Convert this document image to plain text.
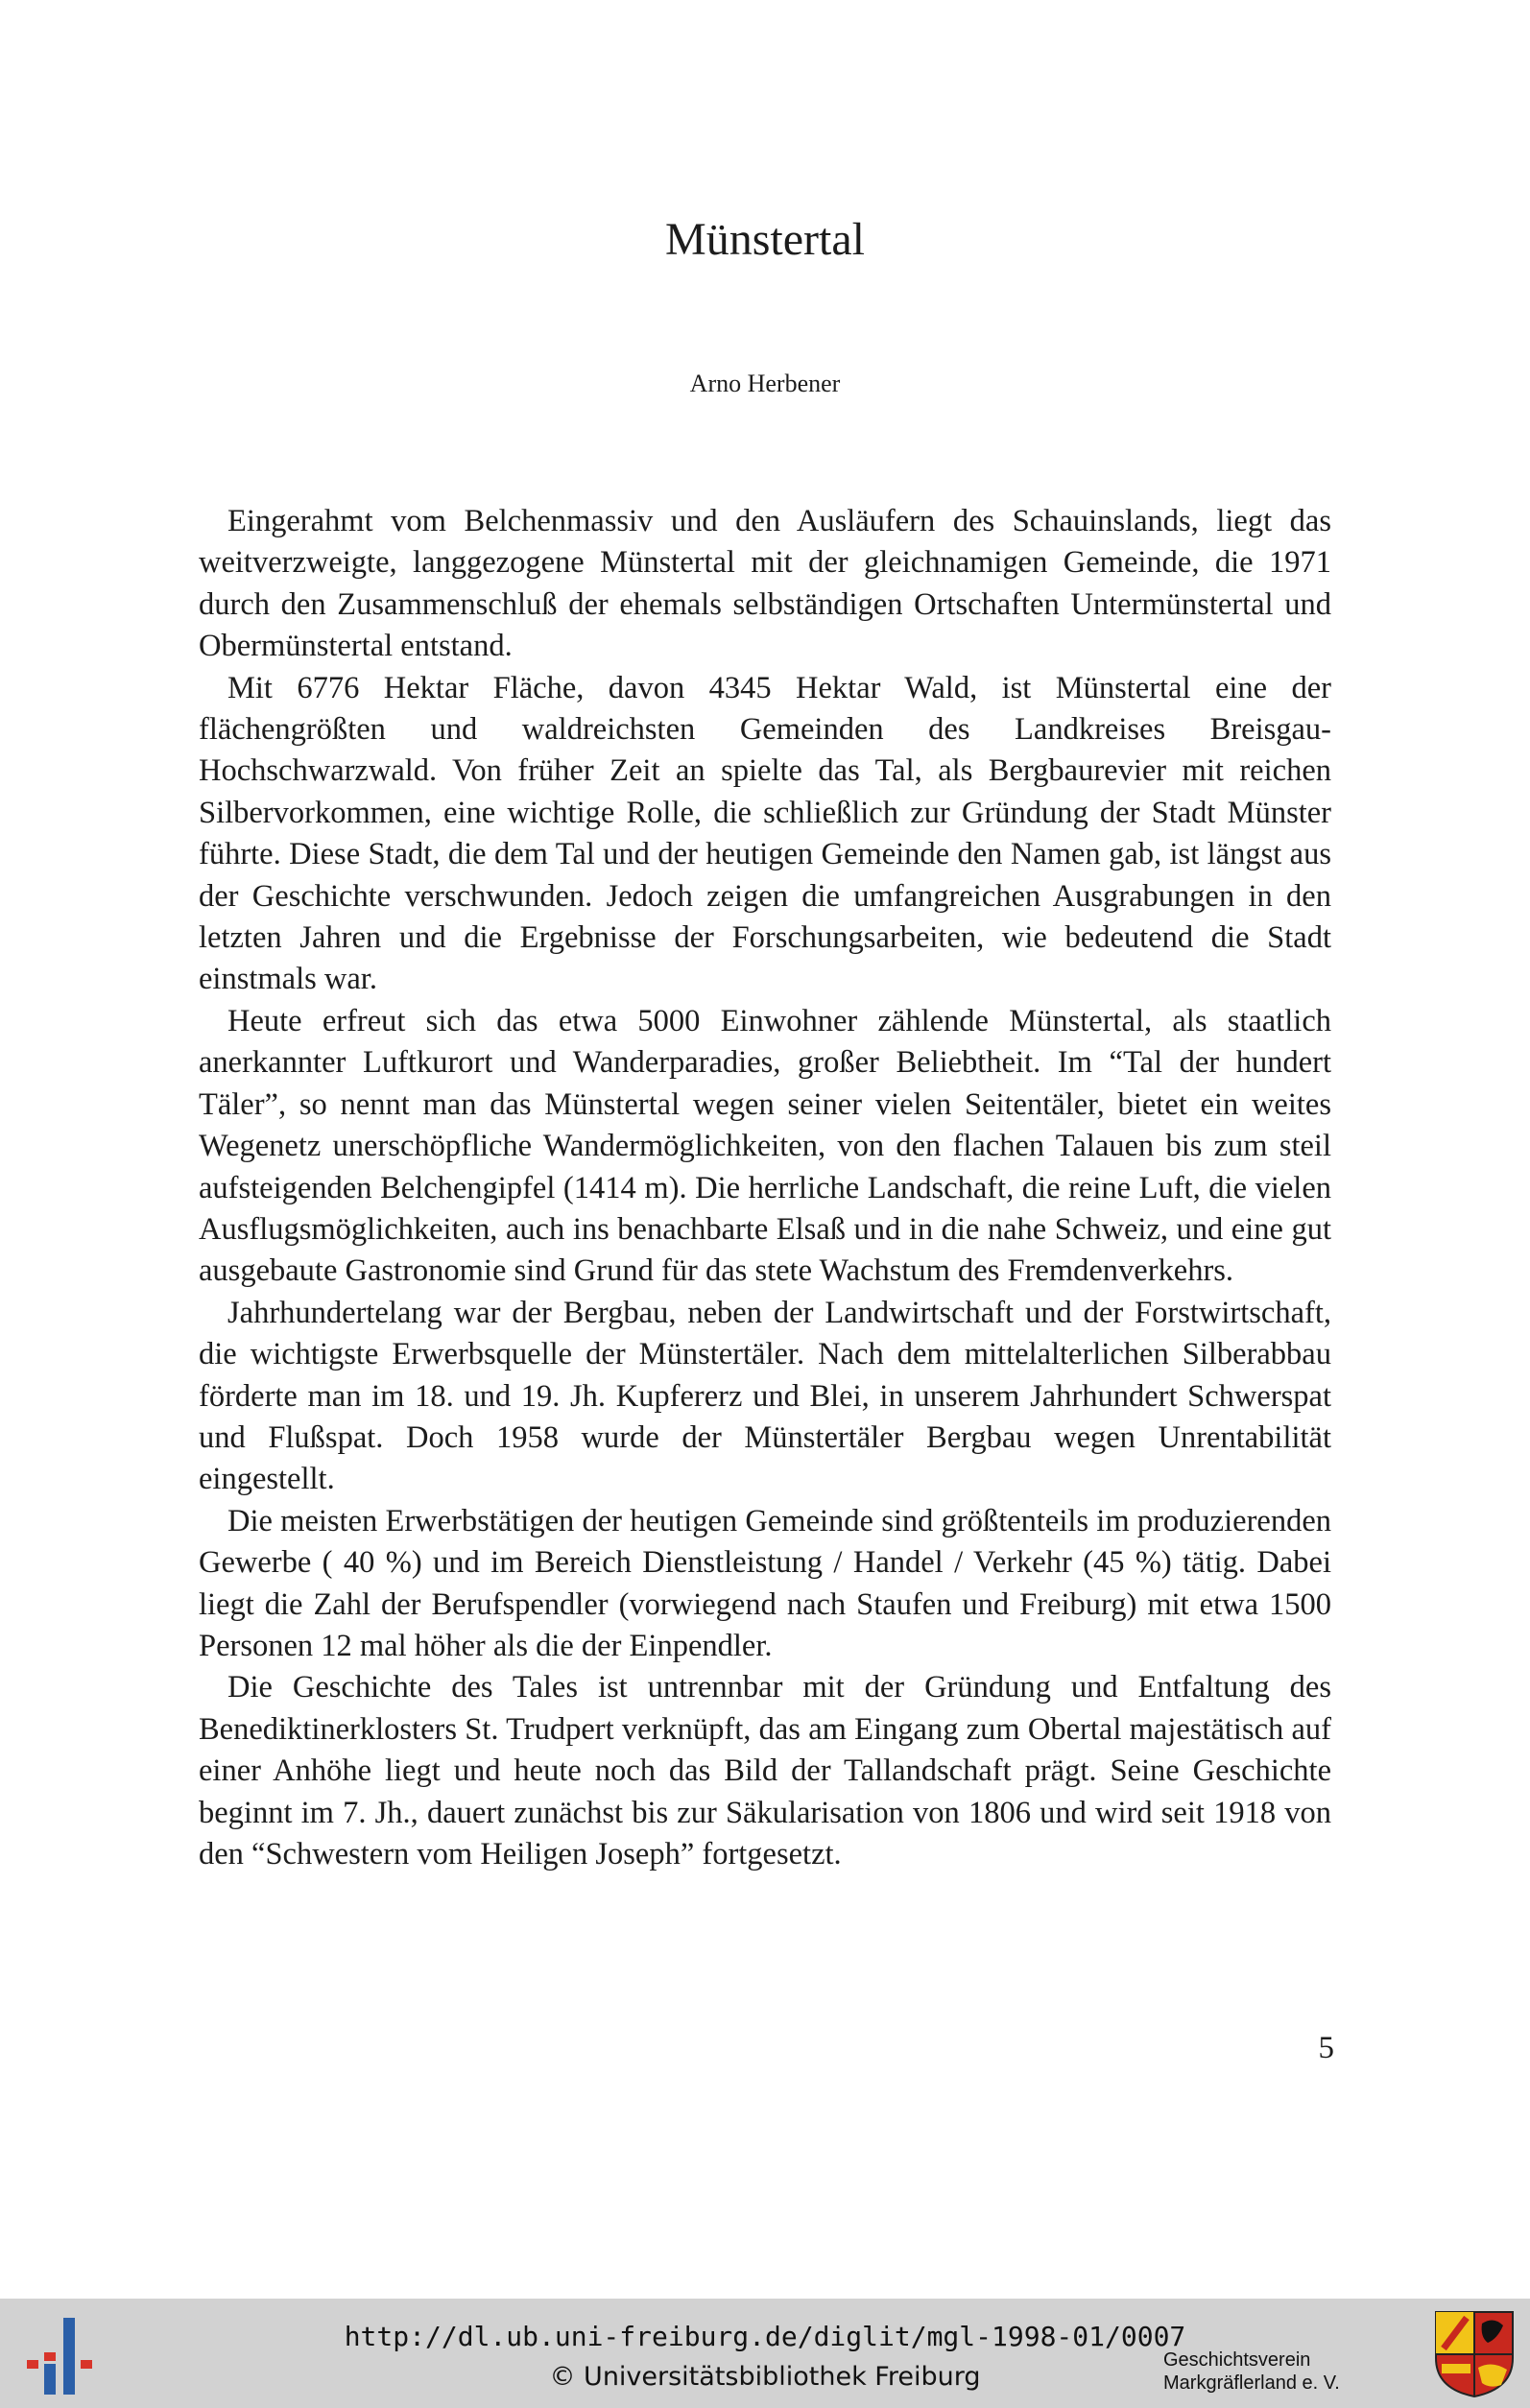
Münstertal
Arno Herbener

Eingerahmt vom Belchenmassiv und den Ausläufern des Schauinslands, liegt das weitverzweigte, langgezogene Münstertal mit der gleichnamigen Gemeinde, die 1971 durch den Zusammenschluß der ehemals selbständigen Ortschaften Untermünstertal und Obermünstertal entstand.

Mit 6776 Hektar Fläche, davon 4345 Hektar Wald, ist Münstertal eine der flächengrößten und waldreichsten Gemeinden des Landkreises Breisgau-Hochschwarzwald. Von früher Zeit an spielte das Tal, als Bergbaurevier mit reichen Silbervorkommen, eine wichtige Rolle, die schließlich zur Gründung der Stadt Münster führte. Diese Stadt, die dem Tal und der heutigen Gemeinde den Namen gab, ist längst aus der Geschichte verschwunden. Jedoch zeigen die umfangreichen Ausgrabungen in den letzten Jahren und die Ergebnisse der Forschungsarbeiten, wie bedeutend die Stadt einstmals war.

Heute erfreut sich das etwa 5000 Einwohner zählende Münstertal, als staatlich anerkannter Luftkurort und Wanderparadies, großer Beliebtheit. Im “Tal der hundert Täler”, so nennt man das Münstertal wegen seiner vielen Seitentäler, bietet ein weites Wegenetz unerschöpfliche Wandermöglichkeiten, von den flachen Talauen bis zum steil aufsteigenden Belchengipfel (1414 m). Die herrliche Landschaft, die reine Luft, die vielen Ausflugsmöglichkeiten, auch ins benachbarte Elsaß und in die nahe Schweiz, und eine gut ausgebaute Gastronomie sind Grund für das stete Wachstum des Fremdenverkehrs.

Jahrhundertelang war der Bergbau, neben der Landwirtschaft und der Forstwirtschaft, die wichtigste Erwerbsquelle der Münstertäler. Nach dem mittelalterlichen Silberabbau förderte man im 18. und 19. Jh. Kupfererz und Blei, in unserem Jahrhundert Schwerspat und Flußspat. Doch 1958 wurde der Münstertäler Bergbau wegen Unrentabilität eingestellt.

Die meisten Erwerbstätigen der heutigen Gemeinde sind größtenteils im produzierenden Gewerbe ( 40 %) und im Bereich Dienstleistung / Handel / Verkehr (45 %) tätig. Dabei liegt die Zahl der Berufspendler (vorwiegend nach Staufen und Freiburg) mit etwa 1500 Personen 12 mal höher als die der Einpendler.

Die Geschichte des Tales ist untrennbar mit der Gründung und Entfaltung des Benediktinerklosters St. Trudpert verknüpft, das am Eingang zum Obertal majestätisch auf einer Anhöhe liegt und heute noch das Bild der Tallandschaft prägt. Seine Geschichte beginnt im 7. Jh., dauert zunächst bis zur Säkularisation von 1806 und wird seit 1918 von den “Schwestern vom Heiligen Joseph” fortgesetzt.

5
http://dl.ub.uni-freiburg.de/diglit/mgl-1998-01/0007
© Universitätsbibliothek Freiburg
Geschichtsverein
Markgräflerland e. V.
